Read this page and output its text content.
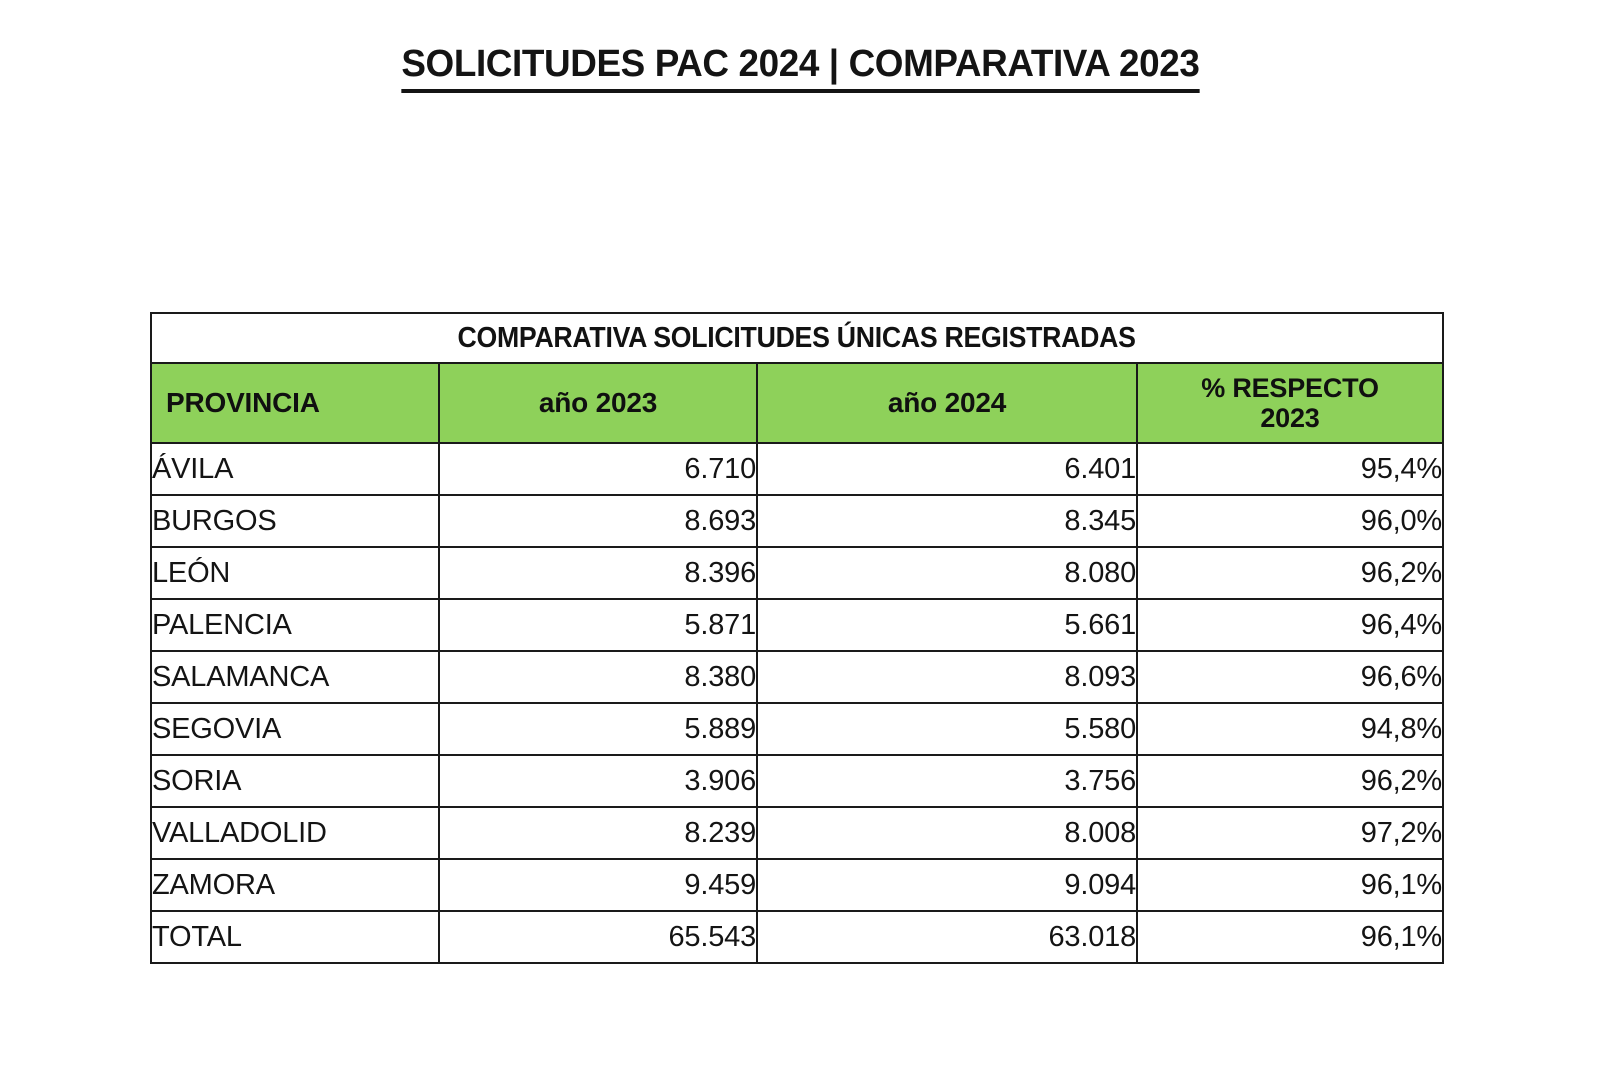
SOLICITUDES PAC 2024 | COMPARATIVA 2023
COMPARATIVA SOLICITUDES ÚNICAS REGISTRADAS			
PROVINCIA	año 2023	año 2024	% RESPECTO
2023

ÁVILA	6.710	6.401	95,4%
BURGOS	8.693	8.345	96,0%
LEÓN	8.396	8.080	96,2%
PALENCIA	5.871	5.661	96,4%
SALAMANCA	8.380	8.093	96,6%
SEGOVIA	5.889	5.580	94,8%
SORIA	3.906	3.756	96,2%
VALLADOLID	8.239	8.008	97,2%
ZAMORA	9.459	9.094	96,1%
TOTAL	65.543	63.018	96,1%
